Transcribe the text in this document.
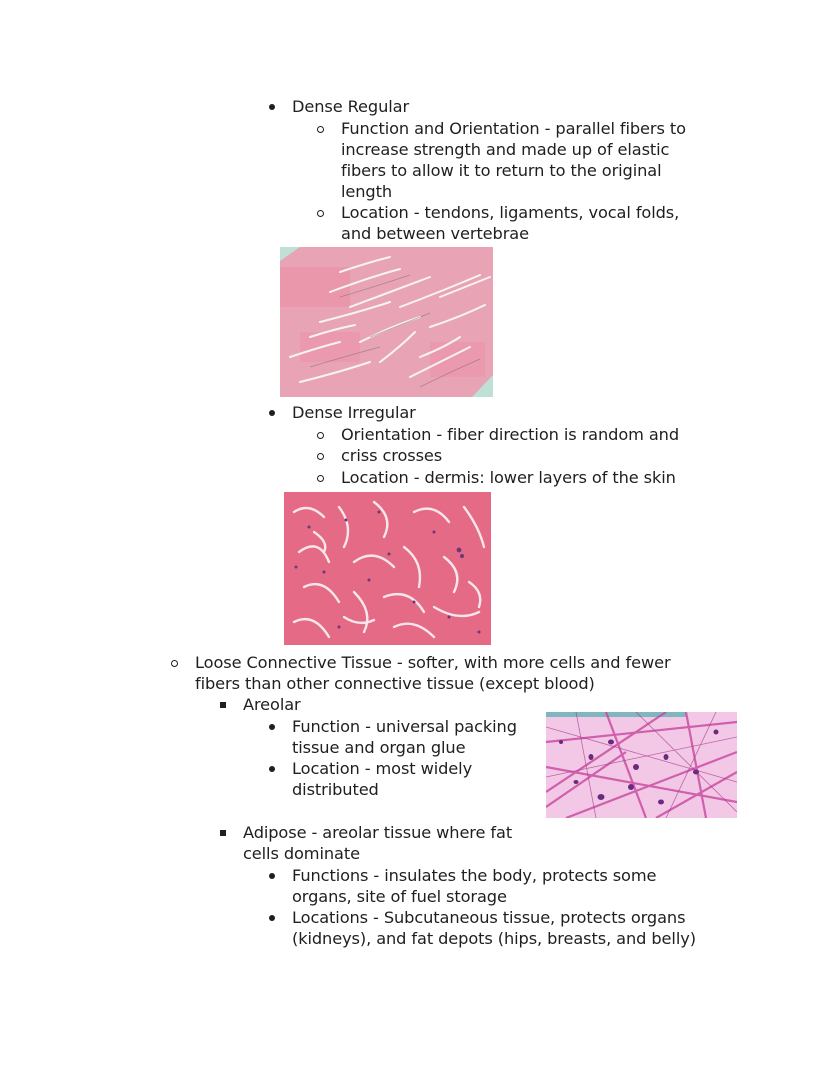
Dense Regular
Function and Orientation - parallel fibers to
increase strength and made up of elastic
fibers to allow it to return to the original
length
Location - tendons, ligaments, vocal folds,
and between vertebrae
Dense Irregular
Orientation - fiber direction is random and
criss crosses
Location - dermis: lower layers of the skin
Loose Connective Tissue - softer, with more cells and fewer
fibers than other connective tissue (except blood)
Areolar
Function - universal packing
tissue and organ glue
Location - most widely
distributed
Adipose - areolar tissue where fat
cells dominate
Functions - insulates the body, protects some
organs, site of fuel storage
Locations - Subcutaneous tissue, protects organs
(kidneys), and fat depots (hips, breasts, and belly)
